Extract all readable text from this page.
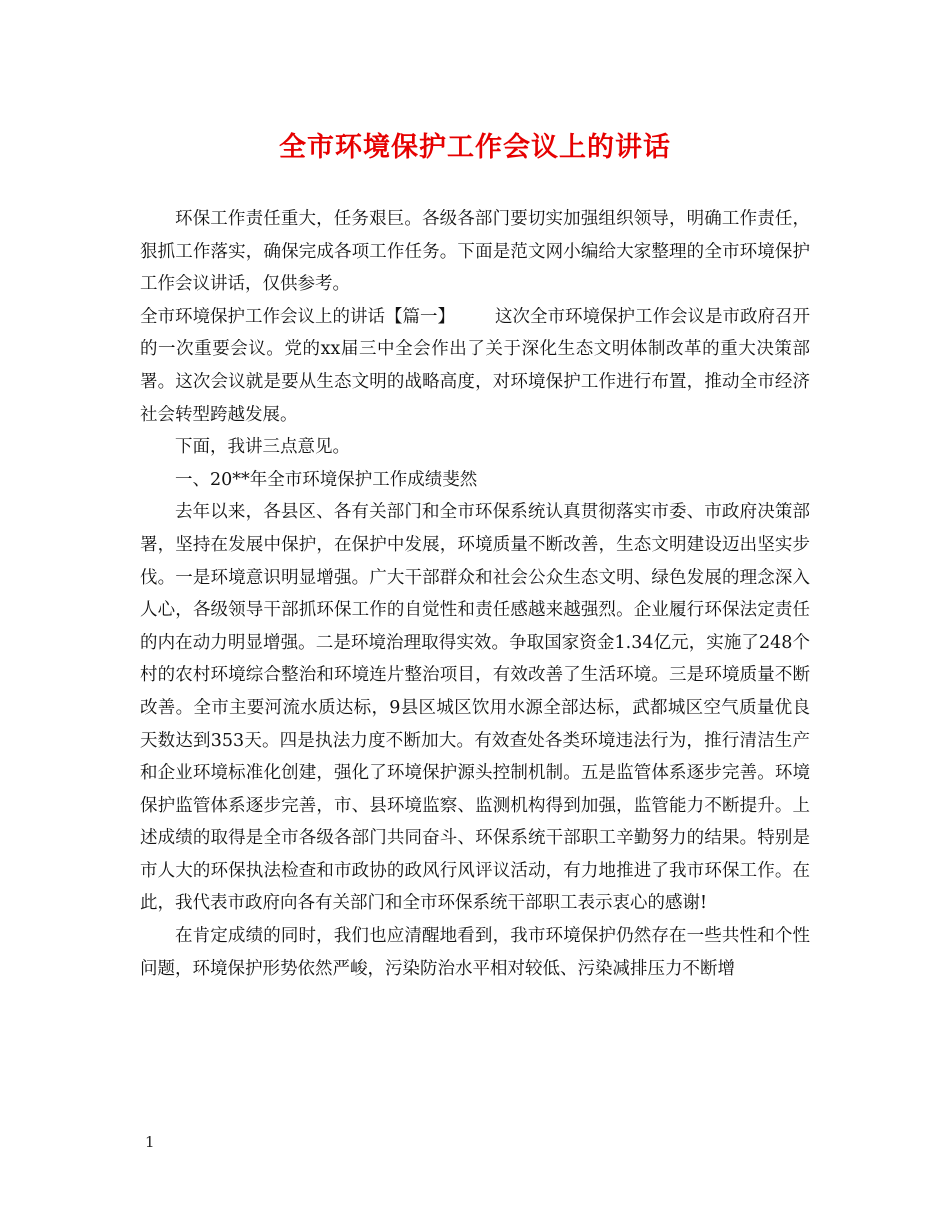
全市环境保护工作会议上的讲话

环保工作责任重大，任务艰巨。各级各部门要切实加强组织领导，明确工作责任，狠抓工作落实，确保完成各项工作任务。下面是范文网小编给大家整理的全市环境保护工作会议讲话，仅供参考。

全市环境保护工作会议上的讲话【篇一】 这次全市环境保护工作会议是市政府召开的一次重要会议。党的xx届三中全会作出了关于深化生态文明体制改革的重大决策部署。这次会议就是要从生态文明的战略高度，对环境保护工作进行布置，推动全市经济社会转型跨越发展。

下面，我讲三点意见。

一、20**年全市环境保护工作成绩斐然

去年以来，各县区、各有关部门和全市环保系统认真贯彻落实市委、市政府决策部署，坚持在发展中保护，在保护中发展，环境质量不断改善，生态文明建设迈出坚实步伐。一是环境意识明显增强。广大干部群众和社会公众生态文明、绿色发展的理念深入人心，各级领导干部抓环保工作的自觉性和责任感越来越强烈。企业履行环保法定责任的内在动力明显增强。二是环境治理取得实效。争取国家资金1.34亿元，实施了248个村的农村环境综合整治和环境连片整治项目，有效改善了生活环境。三是环境质量不断改善。全市主要河流水质达标，9县区城区饮用水源全部达标，武都城区空气质量优良天数达到353天。四是执法力度不断加大。有效查处各类环境违法行为，推行清洁生产和企业环境标准化创建，强化了环境保护源头控制机制。五是监管体系逐步完善。环境保护监管体系逐步完善，市、县环境监察、监测机构得到加强，监管能力不断提升。上述成绩的取得是全市各级各部门共同奋斗、环保系统干部职工辛勤努力的结果。特别是市人大的环保执法检查和市政协的政风行风评议活动，有力地推进了我市环保工作。在此，我代表市政府向各有关部门和全市环保系统干部职工表示衷心的感谢!

在肯定成绩的同时，我们也应清醒地看到，我市环境保护仍然存在一些共性和个性问题，环境保护形势依然严峻，污染防治水平相对较低、污染减排压力不断增

1
